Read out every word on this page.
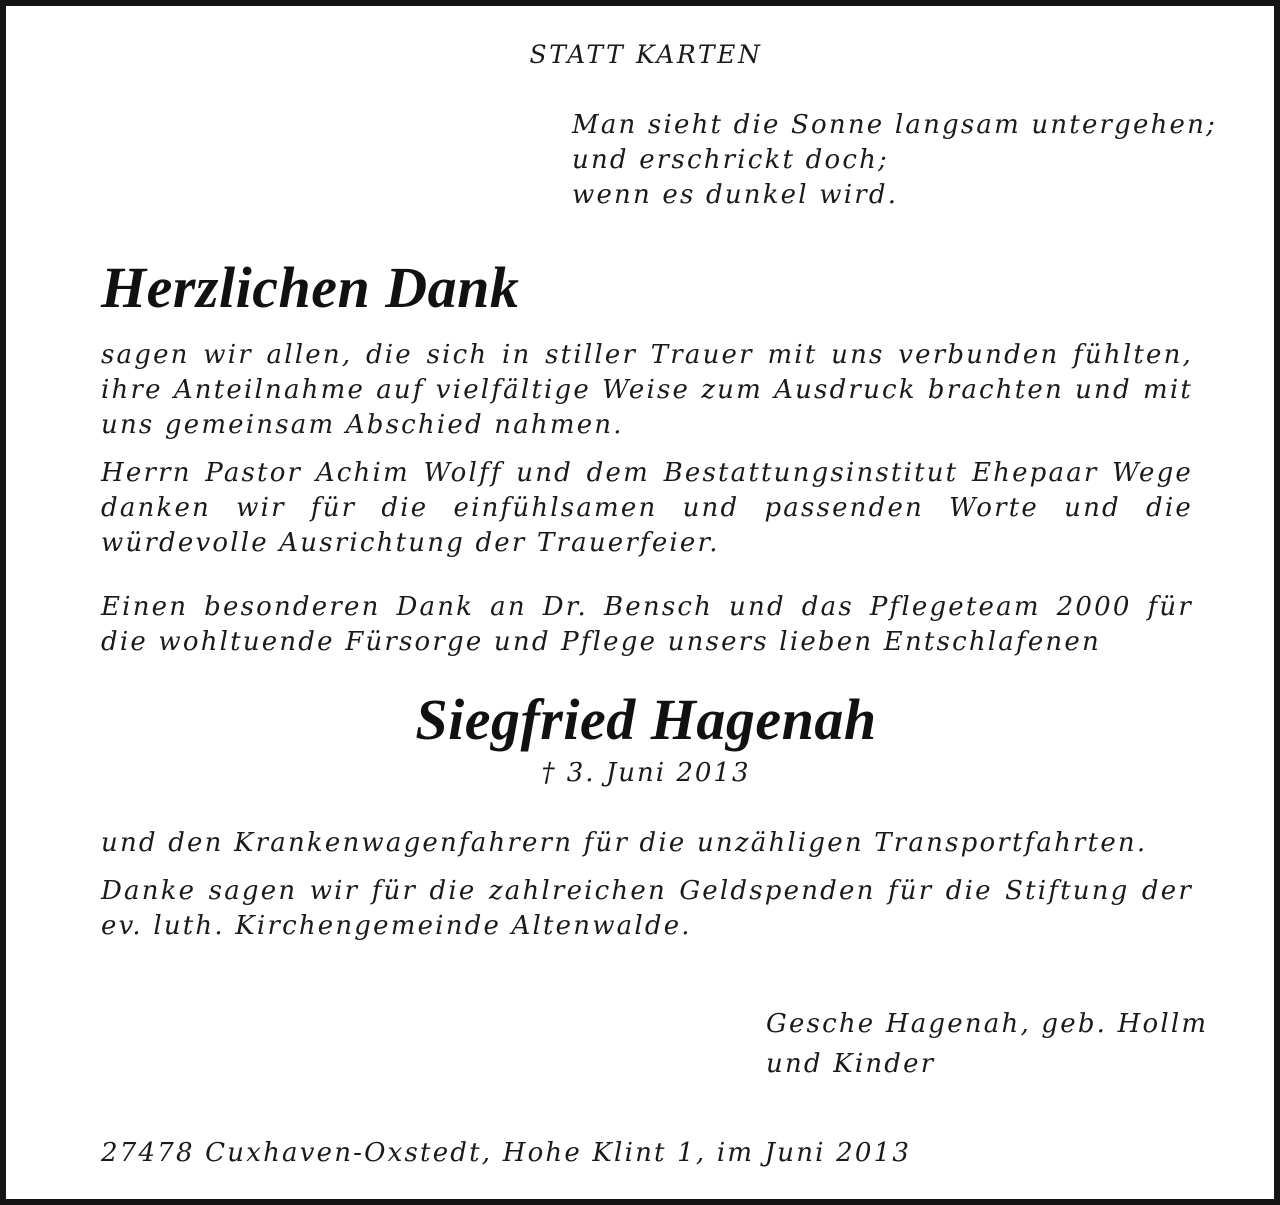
STATT KARTEN

Man sieht die Sonne langsam untergehen;
und erschrickt doch;
wenn es dunkel wird.
Herzlichen Dank

sagen wir allen, die sich in stiller Trauer mit uns verbunden fühlten, ihre Anteilnahme auf vielfältige Weise zum Ausdruck brachten und mit uns gemeinsam Abschied nahmen.

Herrn Pastor Achim Wolff und dem Bestattungsinstitut Ehepaar Wege danken wir für die einfühlsamen und passenden Worte und die würdevolle Ausrichtung der Trauerfeier.

Einen besonderen Dank an Dr. Bensch und das Pflegeteam 2000 für die wohltuende Fürsorge und Pflege unsers lieben Entschlafenen

Siegfried Hagenah

† 3. Juni 2013

und den Krankenwagenfahrern für die unzähligen Transportfahrten.

Danke sagen wir für die zahlreichen Geldspenden für die Stiftung der ev. luth. Kirchengemeinde Altenwalde.

Gesche Hagenah, geb. Hollm
und Kinder

27478 Cuxhaven-Oxstedt, Hohe Klint 1, im Juni 2013
